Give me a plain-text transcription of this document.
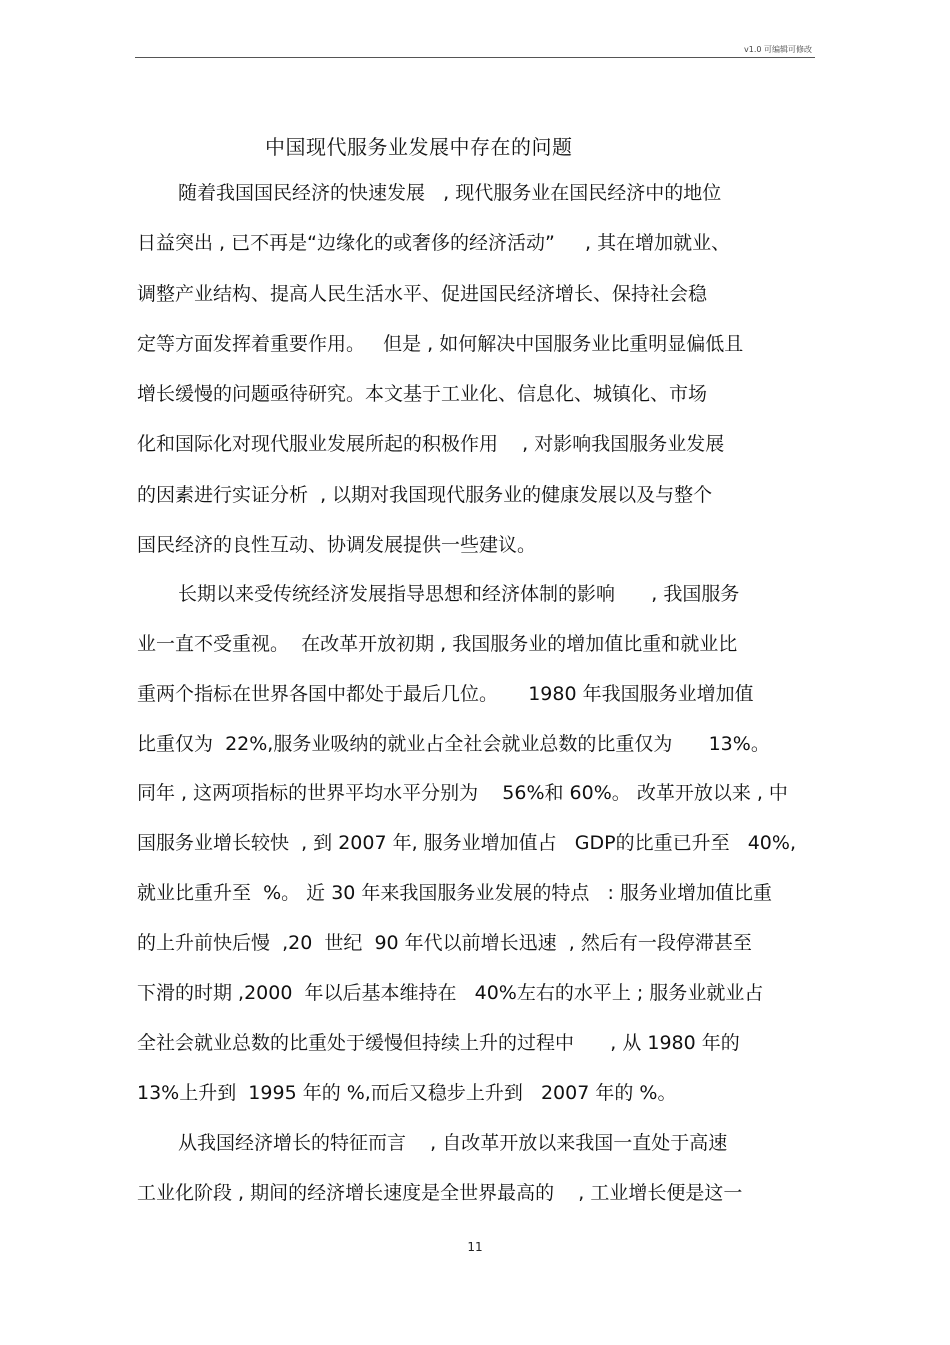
v1.0 可编辑可修改
中国现代服务业发展中存在的问题
随着我国国民经济的快速发展   , 现代服务业在国民经济中的地位
日益突出 , 已不再是“边缘化的或奢侈的经济活动”     , 其在增加就业、
调整产业结构、提高人民生活水平、促进国民经济增长、保持社会稳
定等方面发挥着重要作用。   但是 , 如何解决中国服务业比重明显偏低且
增长缓慢的问题亟待研究。本文基于工业化、信息化、城镇化、市场
化和国际化对现代服业发展所起的积极作用    , 对影响我国服务业发展
的因素进行实证分析  , 以期对我国现代服务业的健康发展以及与整个
国民经济的良性互动、协调发展提供一些建议。
长期以来受传统经济发展指导思想和经济体制的影响      , 我国服务
业一直不受重视。  在改革开放初期 , 我国服务业的增加值比重和就业比
重两个指标在世界各国中都处于最后几位。     1980 年我国服务业增加值
比重仅为  22%,服务业吸纳的就业占全社会就业总数的比重仅为      13%。
同年 , 这两项指标的世界平均水平分别为    56%和 60%。 改革开放以来 , 中
国服务业增长较快  , 到 2007 年, 服务业增加值占   GDP的比重已升至   40%,
就业比重升至  %。 近 30 年来我国服务业发展的特点   : 服务业增加值比重
的上升前快后慢  ,20  世纪  90 年代以前增长迅速  , 然后有一段停滞甚至
下滑的时期 ,2000  年以后基本维持在   40%左右的水平上 ; 服务业就业占
全社会就业总数的比重处于缓慢但持续上升的过程中      , 从 1980 年的
13%上升到  1995 年的 %,而后又稳步上升到   2007 年的 %。
从我国经济增长的特征而言    , 自改革开放以来我国一直处于高速
工业化阶段 , 期间的经济增长速度是全世界最高的    , 工业增长便是这一
11
